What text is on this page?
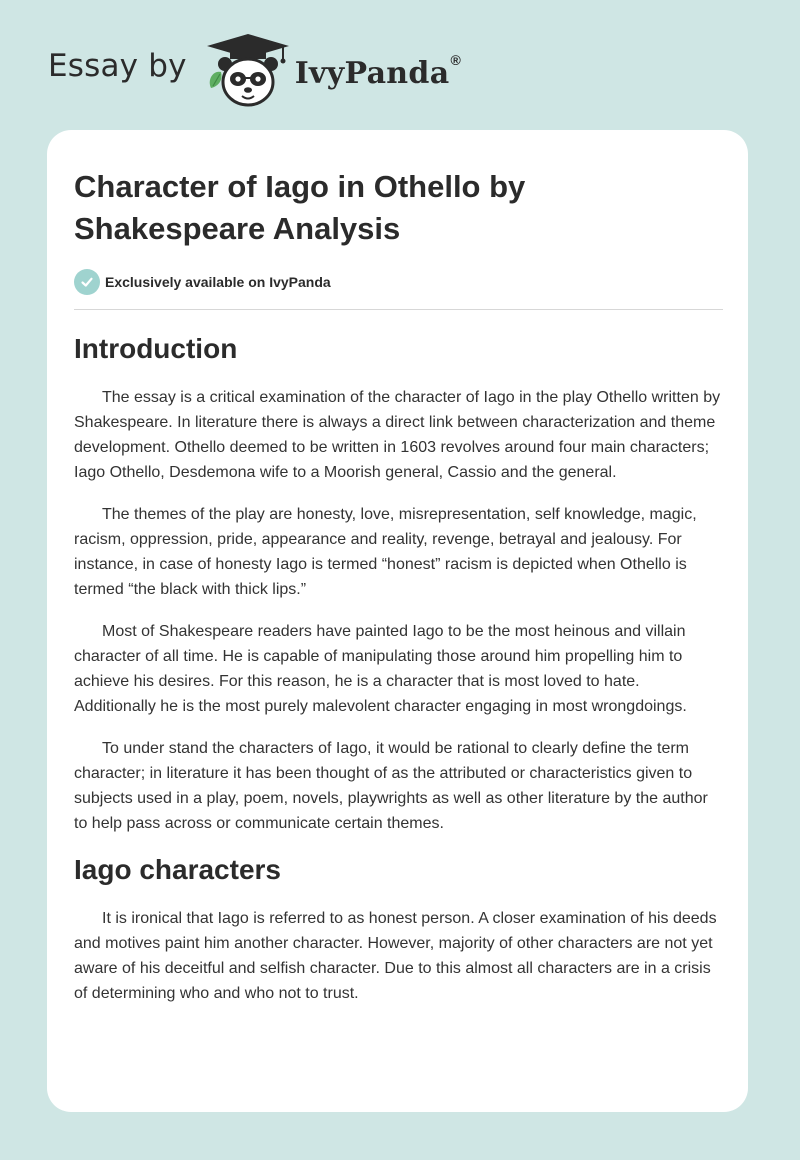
Essay by	IvyPanda®
Character of Iago in Othello by Shakespeare Analysis
Exclusively available on IvyPanda
Introduction

The essay is a critical examination of the character of Iago in the play Othello written by Shakespeare. In literature there is always a direct link between characterization and theme development. Othello deemed to be written in 1603 revolves around four main characters; Iago Othello, Desdemona wife to a Moorish general, Cassio and the general.

The themes of the play are honesty, love, misrepresentation, self knowledge, magic, racism, oppression, pride, appearance and reality, revenge, betrayal and jealousy. For instance, in case of honesty Iago is termed “honest” racism is depicted when Othello is termed “the black with thick lips.”

Most of Shakespeare readers have painted Iago to be the most heinous and villain character of all time. He is capable of manipulating those around him propelling him to achieve his desires. For this reason, he is a character that is most loved to hate. Additionally he is the most purely malevolent character engaging in most wrongdoings.

To under stand the characters of Iago, it would be rational to clearly define the term character; in literature it has been thought of as the attributed or characteristics given to subjects used in a play, poem, novels, playwrights as well as other literature by the author to help pass across or communicate certain themes.

Iago characters

It is ironical that Iago is referred to as honest person. A closer examination of his deeds and motives paint him another character. However, majority of other characters are not yet aware of his deceitful and selfish character. Due to this almost all characters are in a crisis of determining who and who not to trust.
